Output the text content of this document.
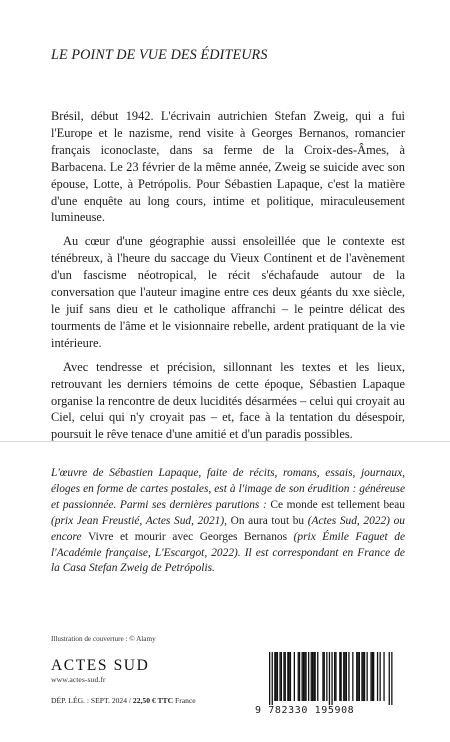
LE POINT DE VUE DES ÉDITEURS

Brésil, début 1942. L'écrivain autrichien Stefan Zweig, qui a fui l'Europe et le nazisme, rend visite à Georges Bernanos, romancier français iconoclaste, dans sa ferme de la Croix-des-Âmes, à Barbacena. Le 23 février de la même année, Zweig se suicide avec son épouse, Lotte, à Petrópolis. Pour Sébastien Lapaque, c'est la matière d'une enquête au long cours, intime et politique, miraculeusement lumineuse.

Au cœur d'une géographie aussi ensoleillée que le contexte est ténébreux, à l'heure du saccage du Vieux Continent et de l'avènement d'un fascisme néotropical, le récit s'échafaude autour de la conversation que l'auteur imagine entre ces deux géants du xxe siècle, le juif sans dieu et le catholique affranchi – le peintre délicat des tourments de l'âme et le visionnaire rebelle, ardent pratiquant de la vie intérieure.

Avec tendresse et précision, sillonnant les textes et les lieux, retrouvant les derniers témoins de cette époque, Sébastien Lapaque organise la rencontre de deux lucidités désarmées – celui qui croyait au Ciel, celui qui n'y croyait pas – et, face à la tentation du désespoir, poursuit le rêve tenace d'une amitié et d'un paradis possibles.

L'œuvre de Sébastien Lapaque, faite de récits, romans, essais, journaux, éloges en forme de cartes postales, est à l'image de son érudition : généreuse et passionnée. Parmi ses dernières parutions : Ce monde est tellement beau (prix Jean Freustié, Actes Sud, 2021), On aura tout bu (Actes Sud, 2022) ou encore Vivre et mourir avec Georges Bernanos (prix Émile Faguet de l'Académie française, L'Escargot, 2022). Il est correspondant en France de la Casa Stefan Zweig de Petrópolis.
Illustration de couverture : © Alamy
ACTES SUD
www.actes-sud.fr
DÉP. LÉG. : SEPT. 2024 / 22,50 € TTC France
9 782330 195908
